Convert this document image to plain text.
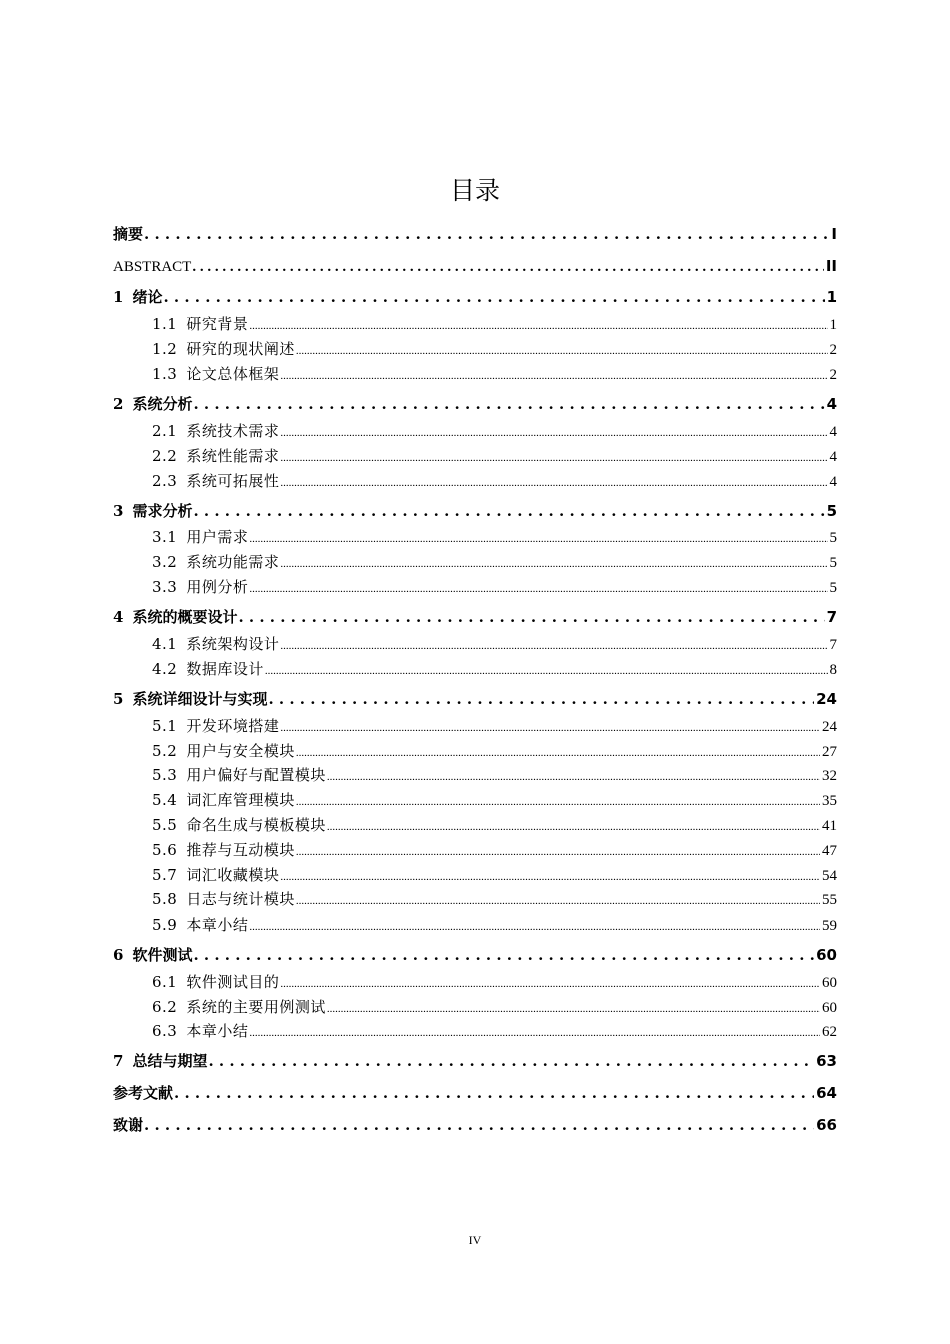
目录
摘要 . . .	I
ABSTRACT . . .	II
1 绪论 . . .	1
1.1 研究背景 .....	1
1.2 研究的现状阐述 .....	2
1.3 论文总体框架 .....	2
2 系统分析 . . .	4
2.1 系统技术需求 .....	4
2.2 系统性能需求 .....	4
2.3 系统可拓展性 .....	4
3 需求分析 . . .	5
3.1 用户需求 .....	5
3.2 系统功能需求 .....	5
3.3 用例分析 .....	5
4 系统的概要设计 . . .	7
4.1 系统架构设计 .....	7
4.2 数据库设计 .....	8
5 系统详细设计与实现 . . .	24
5.1 开发环境搭建 .....	24
5.2 用户与安全模块 .....	27
5.3 用户偏好与配置模块 .....	32
5.4 词汇库管理模块 .....	35
5.5 命名生成与模板模块 .....	41
5.6 推荐与互动模块 .....	47
5.7 词汇收藏模块 .....	54
5.8 日志与统计模块 .....	55
5.9 本章小结 .....	59
6 软件测试 . . .	60
6.1 软件测试目的 .....	60
6.2 系统的主要用例测试 .....	60
6.3 本章小结 .....	62
7 总结与期望 . . .	63
参考文献 . . .	64
致谢 . . .	66
IV
